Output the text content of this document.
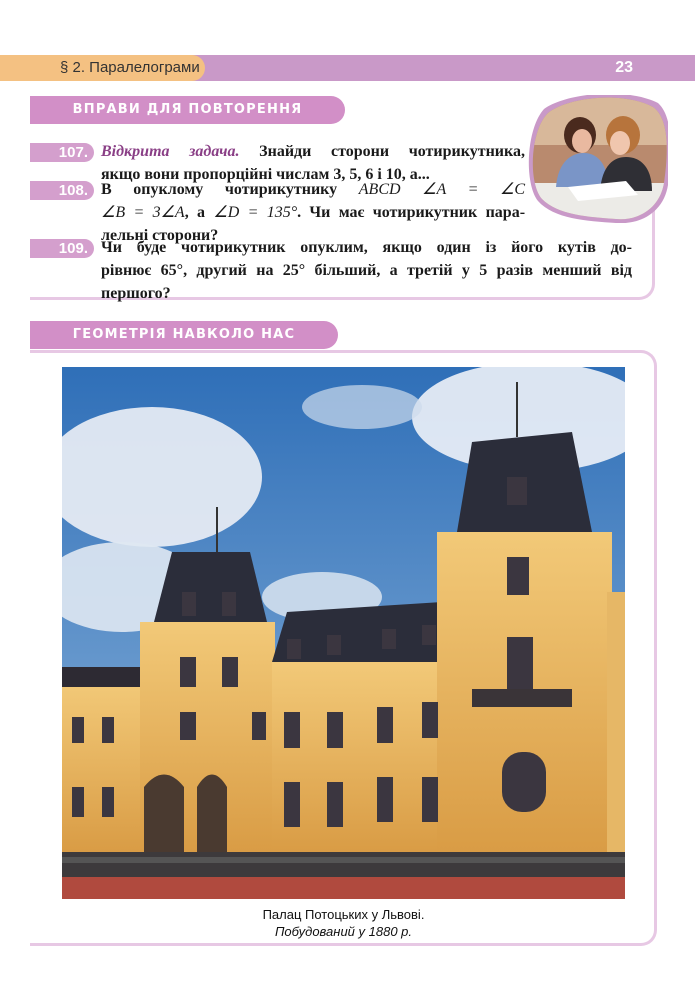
§ 2. Паралелограми	23
ВПРАВИ ДЛЯ ПОВТОРЕННЯ
107. Відкрита задача. Знайди сторони чотирикутника,
якщо вони пропорційні числам 3, 5, 6 і 10, а...
108. В опуклому чотирикутнику ABCD ∠A = ∠C
∠B = 3∠A, а ∠D = 135°. Чи має чотирикутник пара-
лельні сторони?
109. Чи буде чотирикутник опуклим, якщо один із його кутів до-
рівнює 65°, другий на 25° більший, а третій у 5 разів менший від
першого?
ГЕОМЕТРІЯ НАВКОЛО НАС
Палац Потоцьких у Львові.
Побудований у 1880 р.
